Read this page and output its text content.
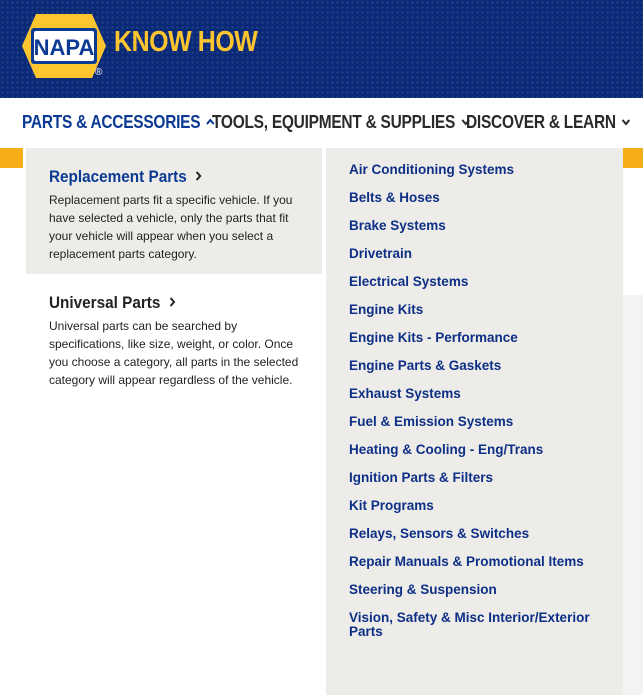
NAPA
®
KNOW HOW
PARTS & ACCESSORIES TOOLS, EQUIPMENT & SUPPLIES DISCOVER & LEARN
Replacement Parts
Replacement parts fit a specific vehicle. If you have selected a vehicle, only the parts that fit your vehicle will appear when you select a replacement parts category.
Universal Parts
Universal parts can be searched by specifications, like size, weight, or color. Once you choose a category, all parts in the selected category will appear regardless of the vehicle.
Air Conditioning Systems
Belts & Hoses
Brake Systems
Drivetrain
Electrical Systems
Engine Kits
Engine Kits - Performance
Engine Parts & Gaskets
Exhaust Systems
Fuel & Emission Systems
Heating & Cooling - Eng/Trans
Ignition Parts & Filters
Kit Programs
Relays, Sensors & Switches
Repair Manuals & Promotional Items
Steering & Suspension
Vision, Safety & Misc Interior/Exterior Parts
